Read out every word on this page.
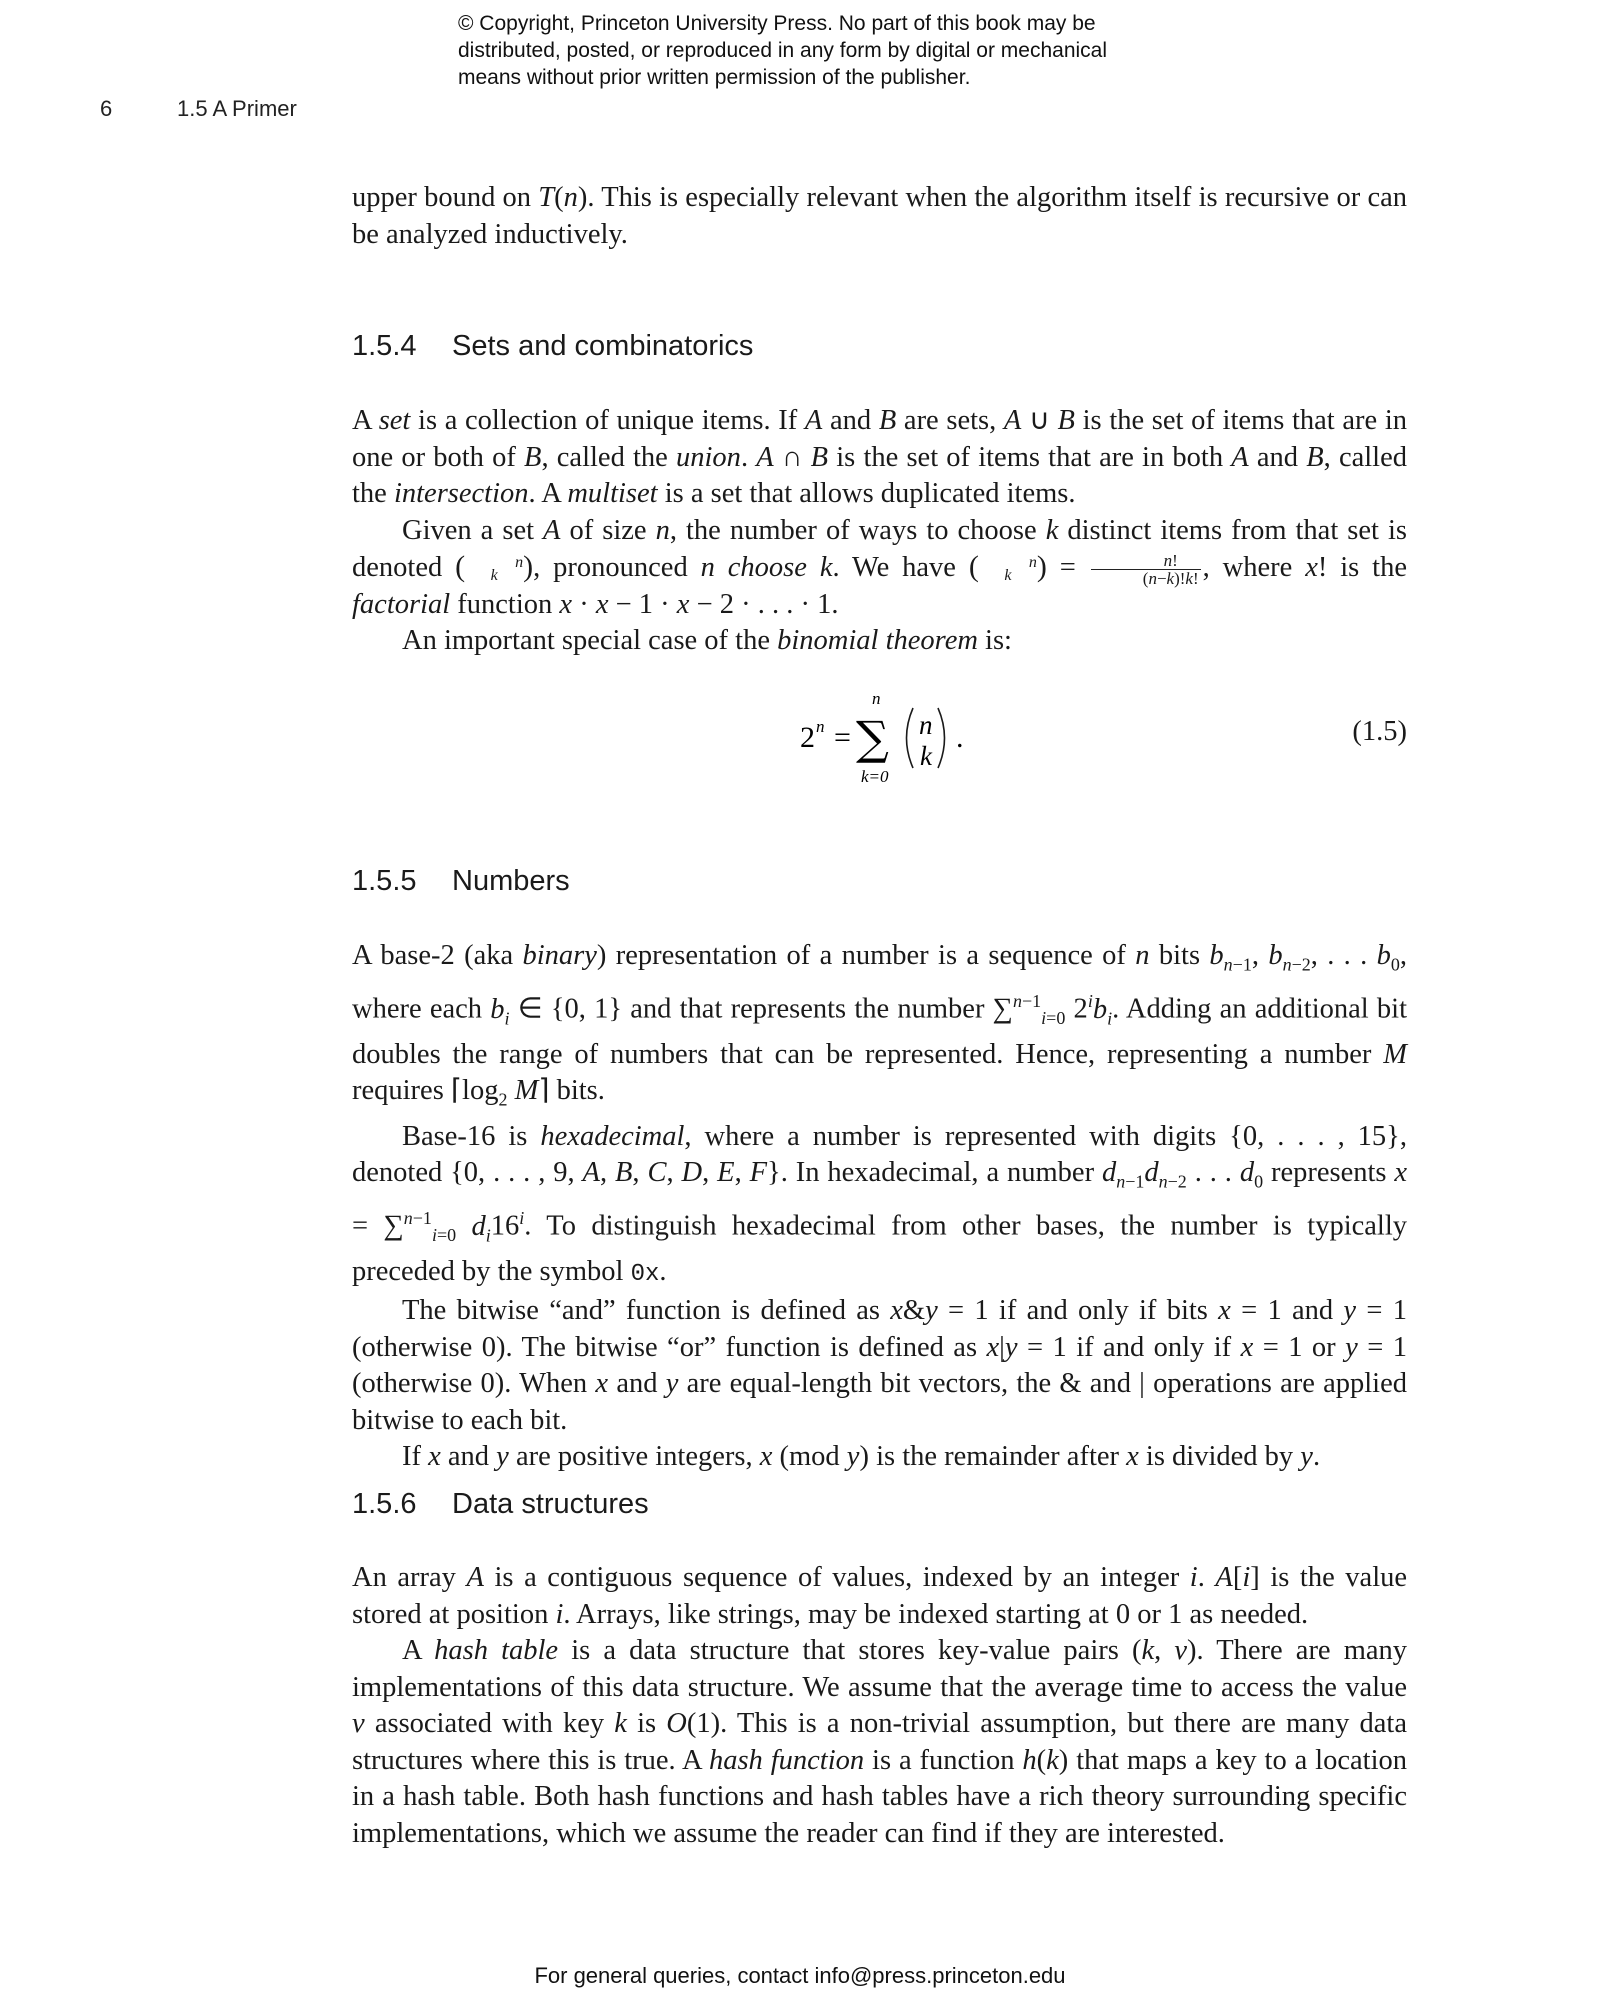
© Copyright, Princeton University Press. No part of this book may be
distributed, posted, or reproduced in any form by digital or mechanical
means without prior written permission of the publisher.
6	1.5 A Primer

upper bound on T(n). This is especially relevant when the algorithm itself is recursive or can be analyzed inductively.

1.5.4 Sets and combinatorics

A set is a collection of unique items. If A and B are sets, A ∪ B is the set of items that are in one or both of B, called the union. A ∩ B is the set of items that are in both A and B, called the intersection. A multiset is a set that allows duplicated items.

Given a set A of size n, the number of ways to choose k distinct items from that set is denoted (	n
k ), pronounced n choose k. We have (	n
k ) = $\frac{n!}{(n-k)!k!}$ , where x! is the factorial function x · x − 1 · x − 2 · . . . · 1.

An important special case of the binomial theorem is:

2 n = ∑
n
k=0
n
k
.	(1.5)
1.5.5 Numbers

A base-2 (aka binary) representation of a number is a sequence of n bits $b_{n-1}$, $b_{n-2}$, . . . $b_0$, where each $b_i$ ∈ {0, 1} and that represents the number ∑$^{n-1}_{i=0}$ $2^ib_i$. Adding an additional bit doubles the range of numbers that can be represented. Hence, representing a number M requires $⌈\log_2$ M⌉ bits.

Base-16 is hexadecimal, where a number is represented with digits {0, . . . , 15}, denoted {0, . . . , 9, A, B, C, D, E, F}. In hexadecimal, a number $d_{n-1}d_{n-2}$ . . . $d_0$ represents x = ∑$^{n-1}_{i=0}$ $d_i16^i$. To distinguish hexadecimal from other bases, the number is typically preceded by the symbol 0x.

The bitwise “and” function is defined as x&y = 1 if and only if bits x = 1 and y = 1 (otherwise 0). The bitwise “or” function is defined as x|y = 1 if and only if x = 1 or y = 1 (otherwise 0). When x and y are equal-length bit vectors, the & and | operations are applied bitwise to each bit.

If x and y are positive integers, x (mod y) is the remainder after x is divided by y.

1.5.6 Data structures

An array A is a contiguous sequence of values, indexed by an integer i. A[i] is the value stored at position i. Arrays, like strings, may be indexed starting at 0 or 1 as needed.

A hash table is a data structure that stores key-value pairs (k, v). There are many implementations of this data structure. We assume that the average time to access the value v associated with key k is O(1). This is a non-trivial assumption, but there are many data structures where this is true. A hash function is a function h(k) that maps a key to a location in a hash table. Both hash functions and hash tables have a rich theory surrounding specific implementations, which we assume the reader can find if they are interested.

For general queries, contact info@press.princeton.edu
